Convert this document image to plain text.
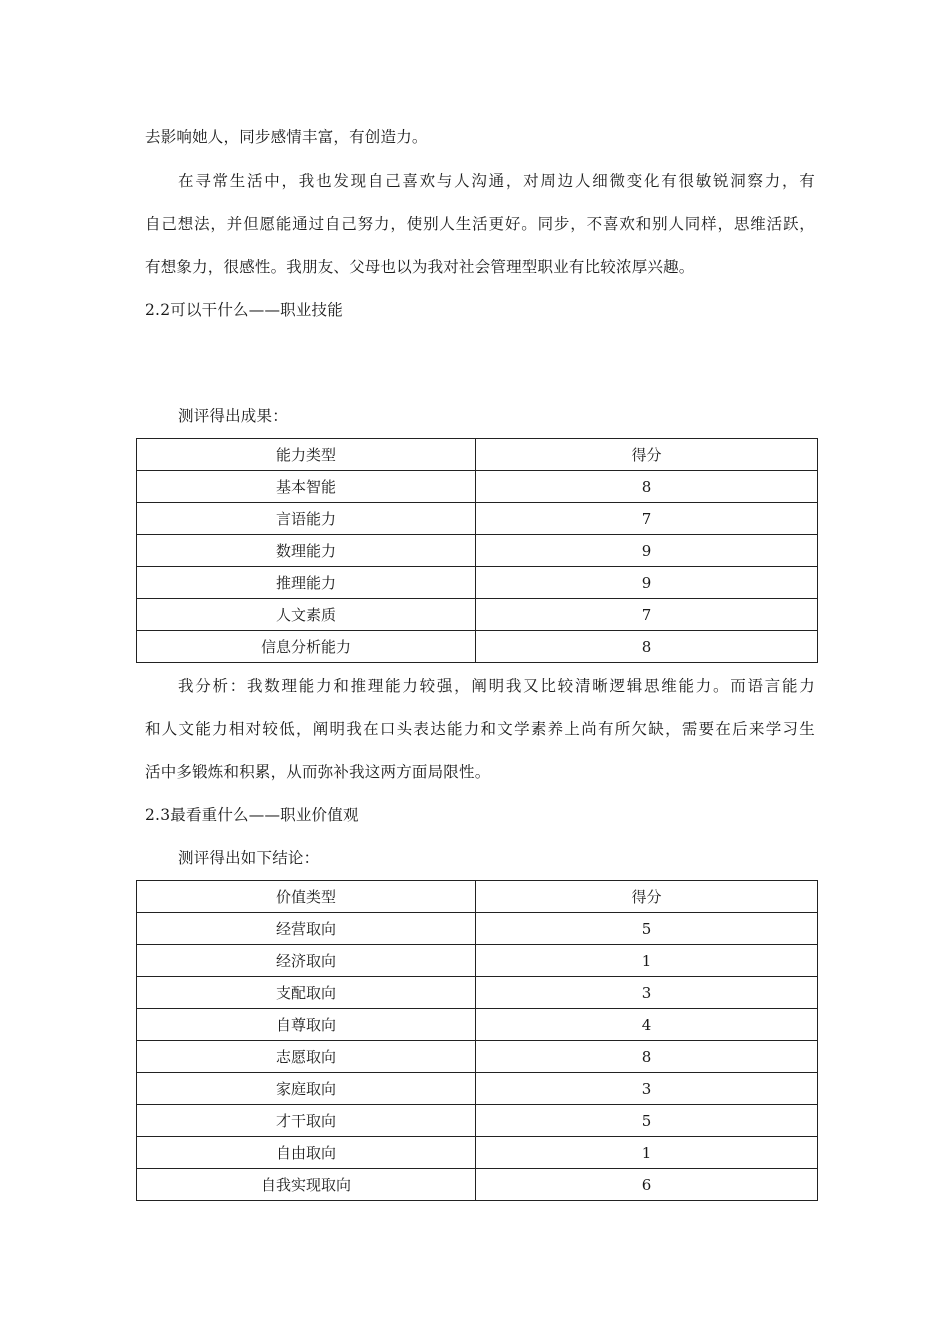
去影响她人，同步感情丰富，有创造力。
在寻常生活中，我也发现自己喜欢与人沟通，对周边人细微变化有很敏锐洞察力，有
自己想法，并但愿能通过自己努力，使别人生活更好。同步，不喜欢和别人同样，思维活跃，
有想象力，很感性。我朋友、父母也以为我对社会管理型职业有比较浓厚兴趣。
2.2可以干什么——职业技能
测评得出成果：
能力类型	得分
基本智能	8
言语能力	7
数理能力	9
推理能力	9
人文素质	7
信息分析能力	8
我分析：我数理能力和推理能力较强，阐明我又比较清晰逻辑思维能力。而语言能力
和人文能力相对较低，阐明我在口头表达能力和文学素养上尚有所欠缺，需要在后来学习生
活中多锻炼和积累，从而弥补我这两方面局限性。
2.3最看重什么——职业价值观
测评得出如下结论：
价值类型	得分
经营取向	5
经济取向	1
支配取向	3
自尊取向	4
志愿取向	8
家庭取向	3
才干取向	5
自由取向	1
自我实现取向	6
